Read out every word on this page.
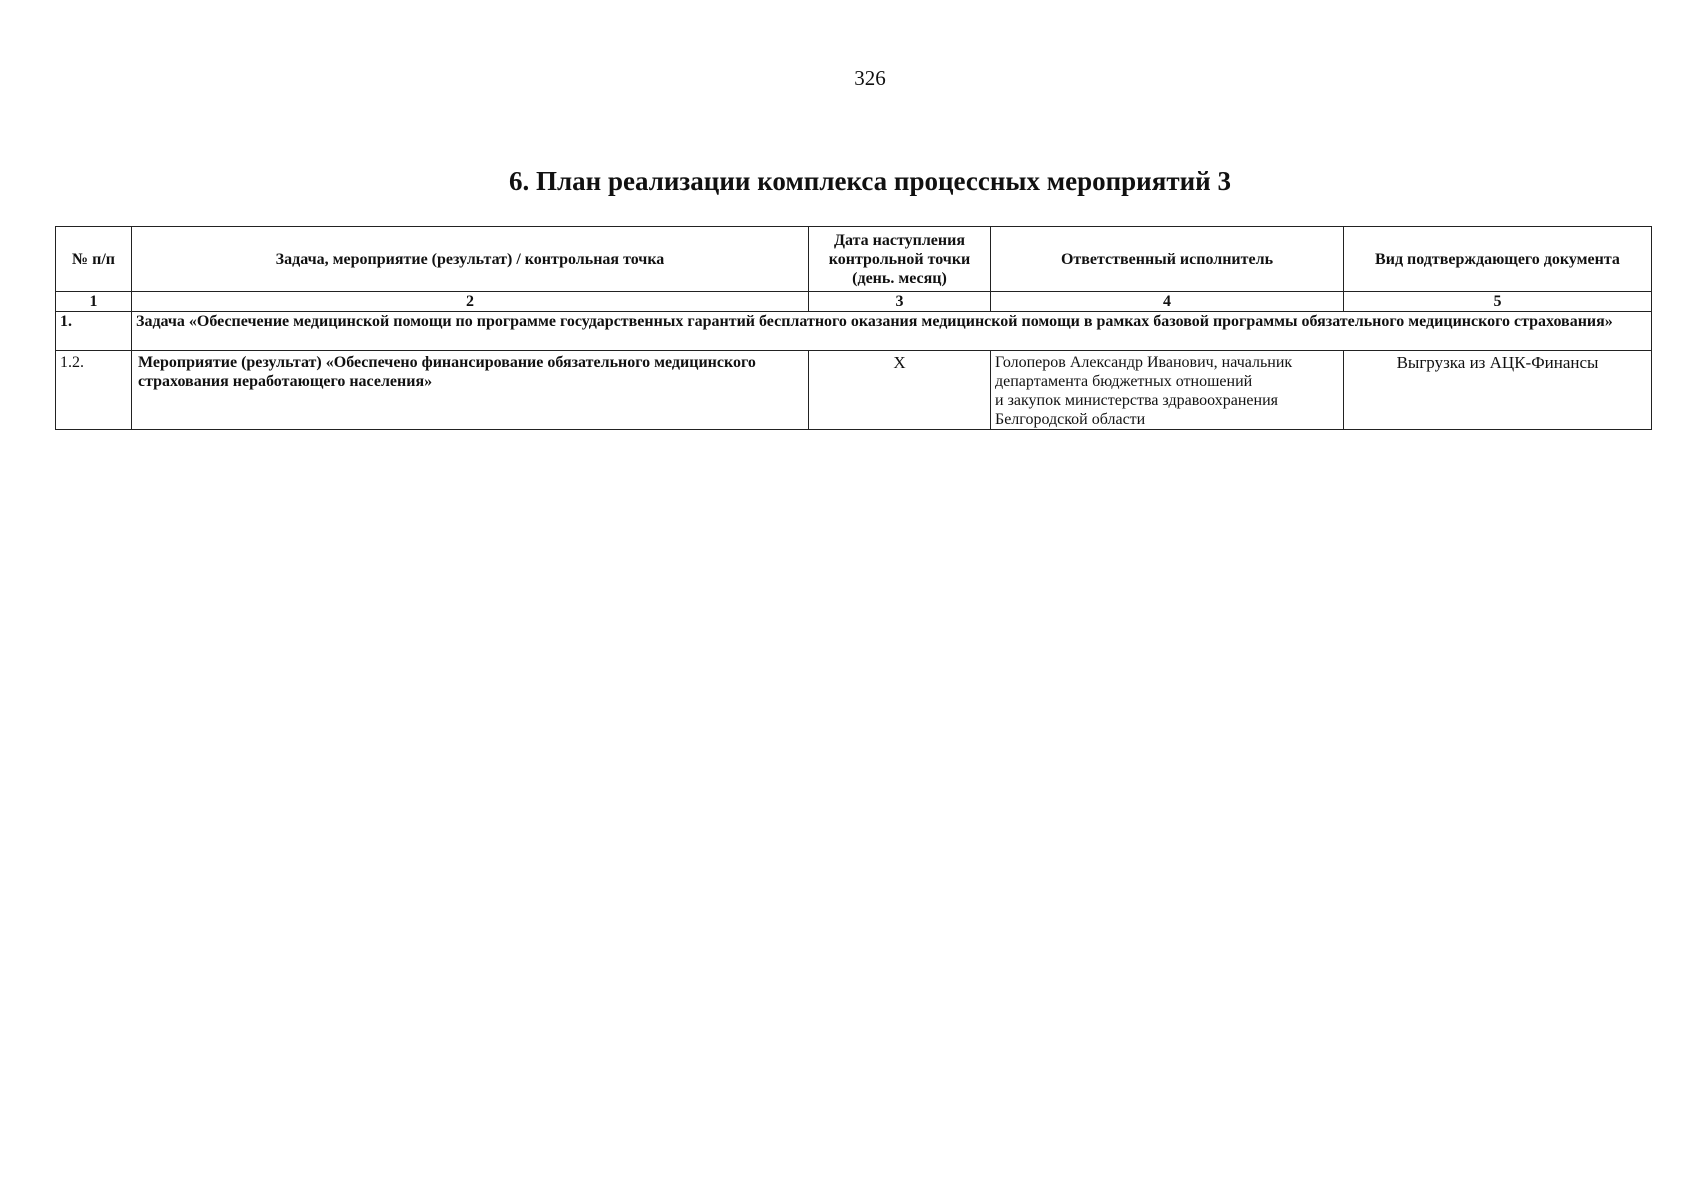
326
6. План реализации комплекса процессных мероприятий 3
№ п/п	Задача, мероприятие (результат) / контрольная точка	Дата наступления контрольной точки (день. месяц)	Ответственный исполнитель	Вид подтверждающего документа
1	2	3	4	5
1.	Задача «Обеспечение медицинской помощи по программе государственных гарантий бесплатного оказания медицинской помощи в рамках базовой программы обязательного медицинского страхования»			
1.2.	Мероприятие (результат) «Обеспечено финансирование обязательного медицинского страхования неработающего населения»	X	Голоперов Александр Иванович, начальник
департамента бюджетных отношений
и закупок министерства здравоохранения
Белгородской области	Выгрузка из АЦК-Финансы
